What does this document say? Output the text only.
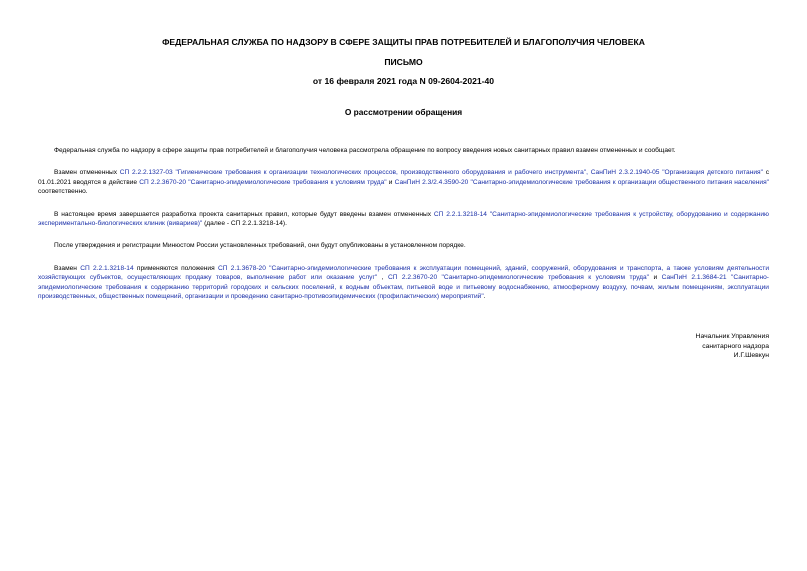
ФЕДЕРАЛЬНАЯ СЛУЖБА ПО НАДЗОРУ В СФЕРЕ ЗАЩИТЫ ПРАВ ПОТРЕБИТЕЛЕЙ И БЛАГОПОЛУЧИЯ ЧЕЛОВЕКА
ПИСЬМО
от 16 февраля 2021 года N 09-2604-2021-40
О рассмотрении обращения

Федеральная служба по надзору в сфере защиты прав потребителей и благополучия человека рассмотрела обращение по вопросу введения новых санитарных правил взамен отмененных и сообщает.

Взамен отмененных СП 2.2.2.1327-03 "Гигиенические требования к организации технологических процессов, производственного оборудования и рабочего инструмента", СанПиН 2.3.2.1940-05 "Организация детского питания" с 01.01.2021 вводятся в действие СП 2.2.3670-20 "Санитарно-эпидемиологические требования к условиям труда" и СанПиН 2.3/2.4.3590-20 "Санитарно-эпидемиологические требования к организации общественного питания населения" соответственно.

В настоящее время завершается разработка проекта санитарных правил, которые будут введены взамен отмененных СП 2.2.1.3218-14 "Санитарно-эпидемиологические требования к устройству, оборудованию и содержанию экспериментально-биологических клиник (вивариев)" (далее - СП 2.2.1.3218-14).

После утверждения и регистрации Минюстом России установленных требований, они будут опубликованы в установленном порядке.

Взамен СП 2.2.1.3218-14 применяются положения СП 2.1.3678-20 "Санитарно-эпидемиологические требования к эксплуатации помещений, зданий, сооружений, оборудования и транспорта, а также условиям деятельности хозяйствующих субъектов, осуществляющих продажу товаров, выполнение работ или оказание услуг" , СП 2.2.3670-20 "Санитарно-эпидемиологические требования к условиям труда" и СанПиН 2.1.3684-21 "Санитарно-эпидемиологические требования к содержанию территорий городских и сельских поселений, к водным объектам, питьевой воде и питьевому водоснабжению, атмосферному воздуху, почвам, жилым помещениям, эксплуатации производственных, общественных помещений, организации и проведению санитарно-противоэпидемических (профилактических) мероприятий".

Начальник Управления
санитарного надзора
И.Г.Шевкун
